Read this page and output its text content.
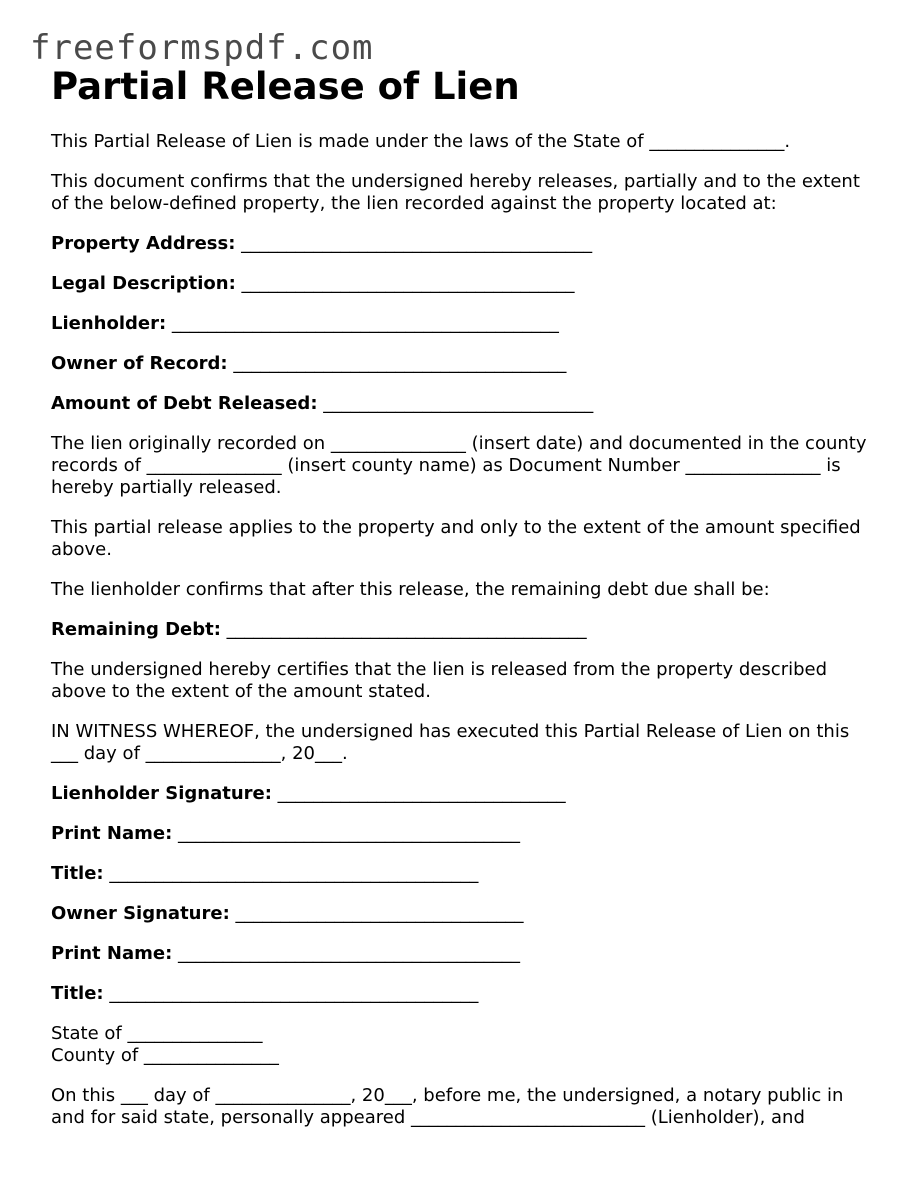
freeformspdf.com
Partial Release of Lien
This Partial Release of Lien is made under the laws of the State of _______________.
This document confirms that the undersigned hereby releases, partially and to the extent of the below-defined property, the lien recorded against the property located at:
Property Address: _______________________________________
Legal Description: _____________________________________
Lienholder: ___________________________________________
Owner of Record: _____________________________________
Amount of Debt Released: ______________________________
The lien originally recorded on _______________ (insert date) and documented in the county records of _______________ (insert county name) as Document Number _______________ is hereby partially released.
This partial release applies to the property and only to the extent of the amount specified above.
The lienholder confirms that after this release, the remaining debt due shall be:
Remaining Debt: ________________________________________
The undersigned hereby certifies that the lien is released from the property described above to the extent of the amount stated.
IN WITNESS WHEREOF, the undersigned has executed this Partial Release of Lien on this ___ day of _______________, 20___.
Lienholder Signature: ________________________________
Print Name: ______________________________________
Title: _________________________________________
Owner Signature: ________________________________
Print Name: ______________________________________
Title: _________________________________________
State of _______________
County of _______________
On this ___ day of _______________, 20___, before me, the undersigned, a notary public in and for said state, personally appeared __________________________ (Lienholder), and
